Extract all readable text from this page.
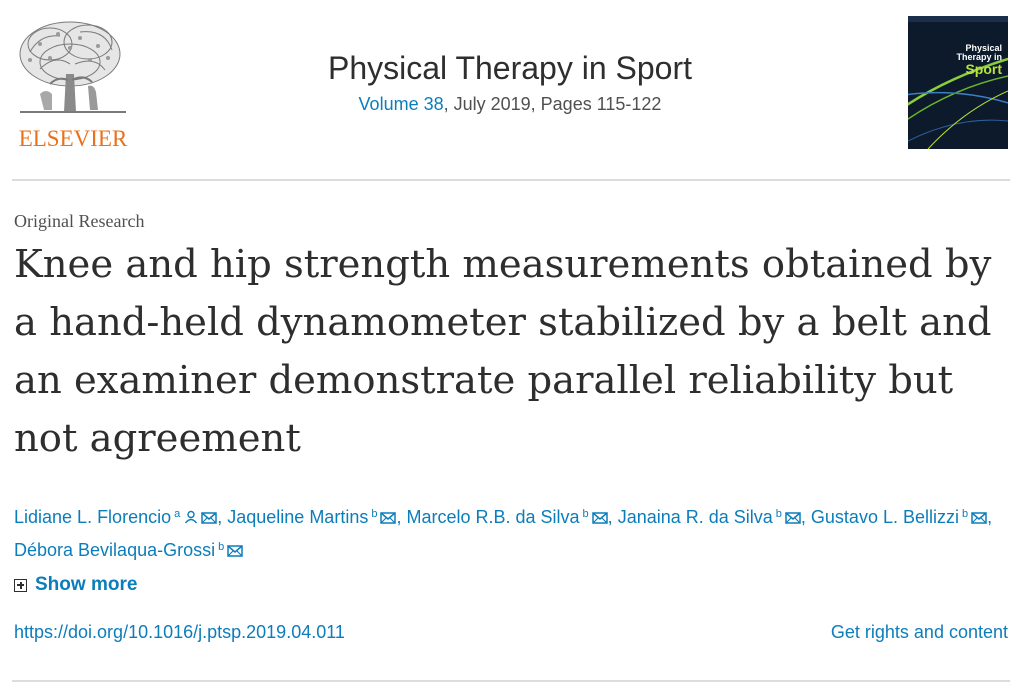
ELSEVIER
Physical Therapy in Sport
Volume 38, July 2019, Pages 115-122
Physical
Therapy in
Sport
Original Research
Knee and hip strength measurements obtained by a hand-held dynamometer stabilized by a belt and an examiner demonstrate parallel reliability but not agreement
Lidiane L. Florencio $^a$ , Jaqueline Martins $^b$ , Marcelo R.B. da Silva $^b$ , Janaina R. da Silva $^b$ , Gustavo L. Bellizzi $^b$ , Débora Bevilaqua-Grossi $^b$
Show more
https://doi.org/10.1016/j.ptsp.2019.04.011	Get rights and content
